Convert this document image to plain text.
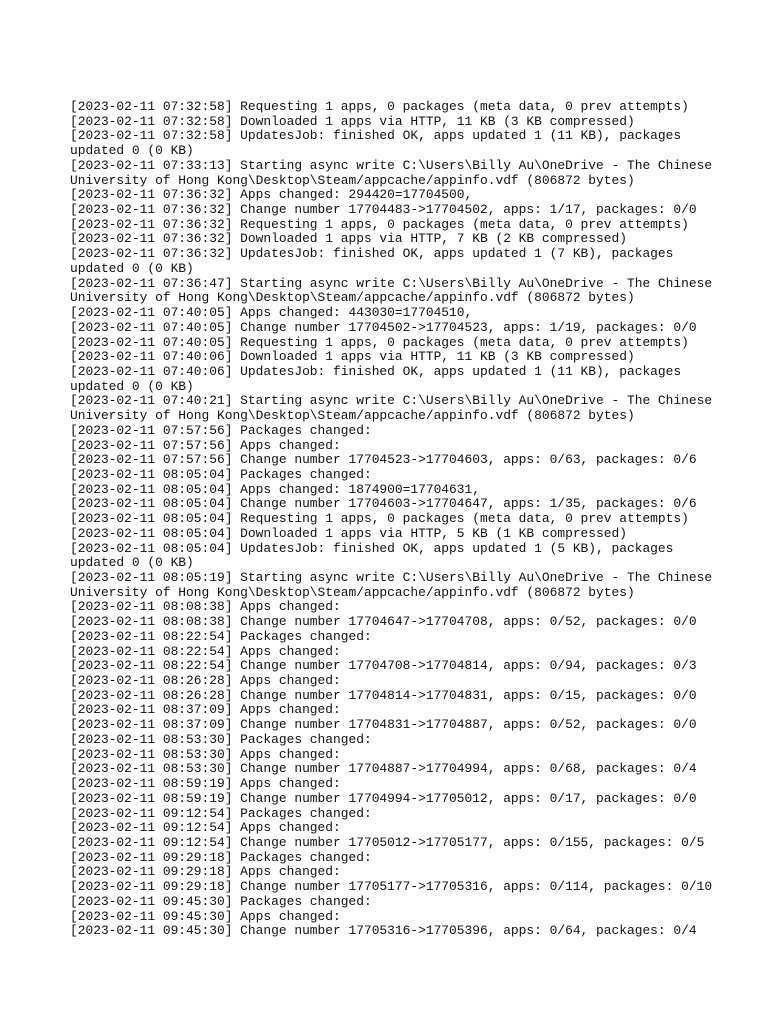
[2023-02-11 07:32:58] Requesting 1 apps, 0 packages (meta data, 0 prev attempts)
[2023-02-11 07:32:58] Downloaded 1 apps via HTTP, 11 KB (3 KB compressed)
[2023-02-11 07:32:58] UpdatesJob: finished OK, apps updated 1 (11 KB), packages
updated 0 (0 KB)
[2023-02-11 07:33:13] Starting async write C:\Users\Billy Au\OneDrive - The Chinese
University of Hong Kong\Desktop\Steam/appcache/appinfo.vdf (806872 bytes)
[2023-02-11 07:36:32] Apps changed: 294420=17704500,
[2023-02-11 07:36:32] Change number 17704483->17704502, apps: 1/17, packages: 0/0
[2023-02-11 07:36:32] Requesting 1 apps, 0 packages (meta data, 0 prev attempts)
[2023-02-11 07:36:32] Downloaded 1 apps via HTTP, 7 KB (2 KB compressed)
[2023-02-11 07:36:32] UpdatesJob: finished OK, apps updated 1 (7 KB), packages
updated 0 (0 KB)
[2023-02-11 07:36:47] Starting async write C:\Users\Billy Au\OneDrive - The Chinese
University of Hong Kong\Desktop\Steam/appcache/appinfo.vdf (806872 bytes)
[2023-02-11 07:40:05] Apps changed: 443030=17704510,
[2023-02-11 07:40:05] Change number 17704502->17704523, apps: 1/19, packages: 0/0
[2023-02-11 07:40:05] Requesting 1 apps, 0 packages (meta data, 0 prev attempts)
[2023-02-11 07:40:06] Downloaded 1 apps via HTTP, 11 KB (3 KB compressed)
[2023-02-11 07:40:06] UpdatesJob: finished OK, apps updated 1 (11 KB), packages
updated 0 (0 KB)
[2023-02-11 07:40:21] Starting async write C:\Users\Billy Au\OneDrive - The Chinese
University of Hong Kong\Desktop\Steam/appcache/appinfo.vdf (806872 bytes)
[2023-02-11 07:57:56] Packages changed:
[2023-02-11 07:57:56] Apps changed:
[2023-02-11 07:57:56] Change number 17704523->17704603, apps: 0/63, packages: 0/6
[2023-02-11 08:05:04] Packages changed:
[2023-02-11 08:05:04] Apps changed: 1874900=17704631,
[2023-02-11 08:05:04] Change number 17704603->17704647, apps: 1/35, packages: 0/6
[2023-02-11 08:05:04] Requesting 1 apps, 0 packages (meta data, 0 prev attempts)
[2023-02-11 08:05:04] Downloaded 1 apps via HTTP, 5 KB (1 KB compressed)
[2023-02-11 08:05:04] UpdatesJob: finished OK, apps updated 1 (5 KB), packages
updated 0 (0 KB)
[2023-02-11 08:05:19] Starting async write C:\Users\Billy Au\OneDrive - The Chinese
University of Hong Kong\Desktop\Steam/appcache/appinfo.vdf (806872 bytes)
[2023-02-11 08:08:38] Apps changed:
[2023-02-11 08:08:38] Change number 17704647->17704708, apps: 0/52, packages: 0/0
[2023-02-11 08:22:54] Packages changed:
[2023-02-11 08:22:54] Apps changed:
[2023-02-11 08:22:54] Change number 17704708->17704814, apps: 0/94, packages: 0/3
[2023-02-11 08:26:28] Apps changed:
[2023-02-11 08:26:28] Change number 17704814->17704831, apps: 0/15, packages: 0/0
[2023-02-11 08:37:09] Apps changed:
[2023-02-11 08:37:09] Change number 17704831->17704887, apps: 0/52, packages: 0/0
[2023-02-11 08:53:30] Packages changed:
[2023-02-11 08:53:30] Apps changed:
[2023-02-11 08:53:30] Change number 17704887->17704994, apps: 0/68, packages: 0/4
[2023-02-11 08:59:19] Apps changed:
[2023-02-11 08:59:19] Change number 17704994->17705012, apps: 0/17, packages: 0/0
[2023-02-11 09:12:54] Packages changed:
[2023-02-11 09:12:54] Apps changed:
[2023-02-11 09:12:54] Change number 17705012->17705177, apps: 0/155, packages: 0/5
[2023-02-11 09:29:18] Packages changed:
[2023-02-11 09:29:18] Apps changed:
[2023-02-11 09:29:18] Change number 17705177->17705316, apps: 0/114, packages: 0/10
[2023-02-11 09:45:30] Packages changed:
[2023-02-11 09:45:30] Apps changed:
[2023-02-11 09:45:30] Change number 17705316->17705396, apps: 0/64, packages: 0/4
